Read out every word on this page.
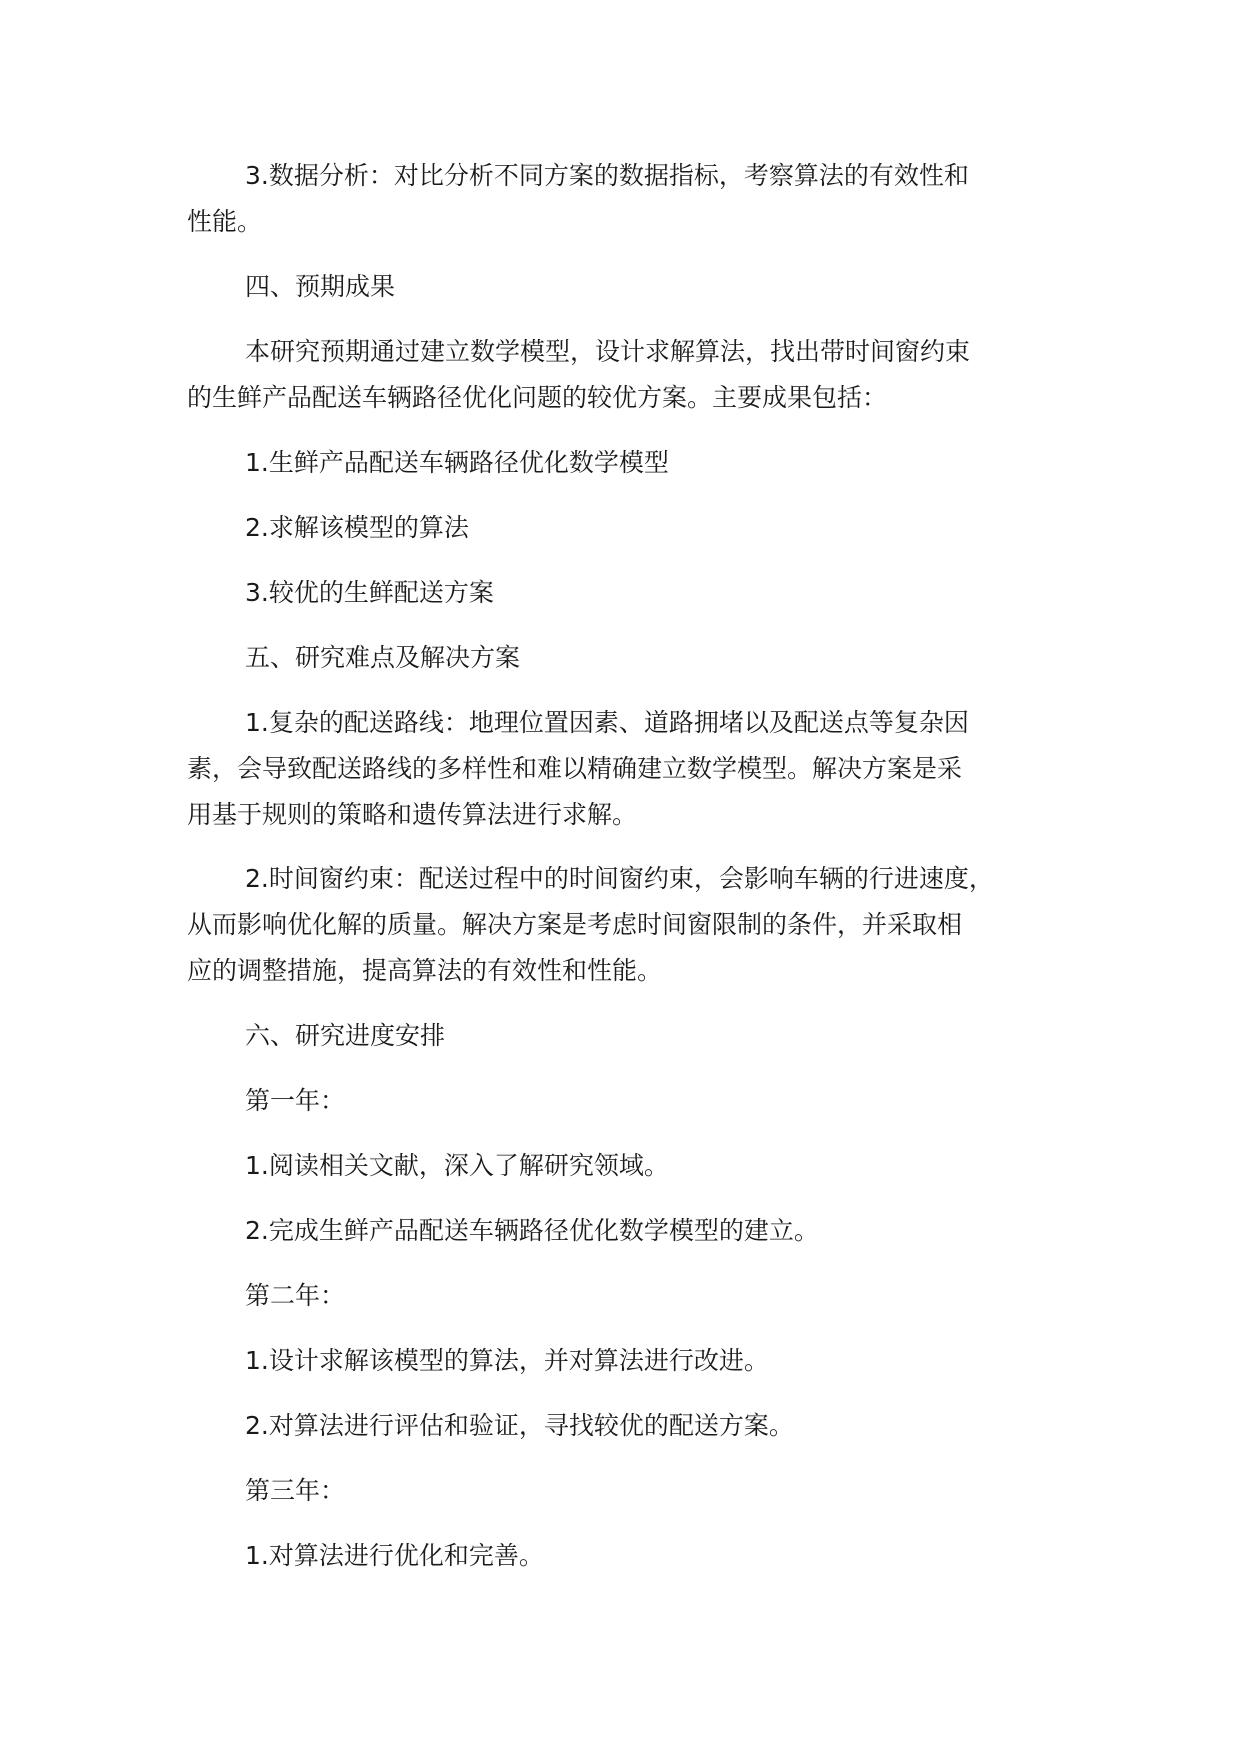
3.数据分析：对比分析不同方案的数据指标，考察算法的有效性和
性能。
四、预期成果
本研究预期通过建立数学模型，设计求解算法，找出带时间窗约束
的生鲜产品配送车辆路径优化问题的较优方案。主要成果包括：
1.生鲜产品配送车辆路径优化数学模型
2.求解该模型的算法
3.较优的生鲜配送方案
五、研究难点及解决方案
1.复杂的配送路线：地理位置因素、道路拥堵以及配送点等复杂因
素，会导致配送路线的多样性和难以精确建立数学模型。解决方案是采
用基于规则的策略和遗传算法进行求解。
2.时间窗约束：配送过程中的时间窗约束，会影响车辆的行进速度，
从而影响优化解的质量。解决方案是考虑时间窗限制的条件，并采取相
应的调整措施，提高算法的有效性和性能。
六、研究进度安排
第一年：
1.阅读相关文献，深入了解研究领域。
2.完成生鲜产品配送车辆路径优化数学模型的建立。
第二年：
1.设计求解该模型的算法，并对算法进行改进。
2.对算法进行评估和验证，寻找较优的配送方案。
第三年：
1.对算法进行优化和完善。
